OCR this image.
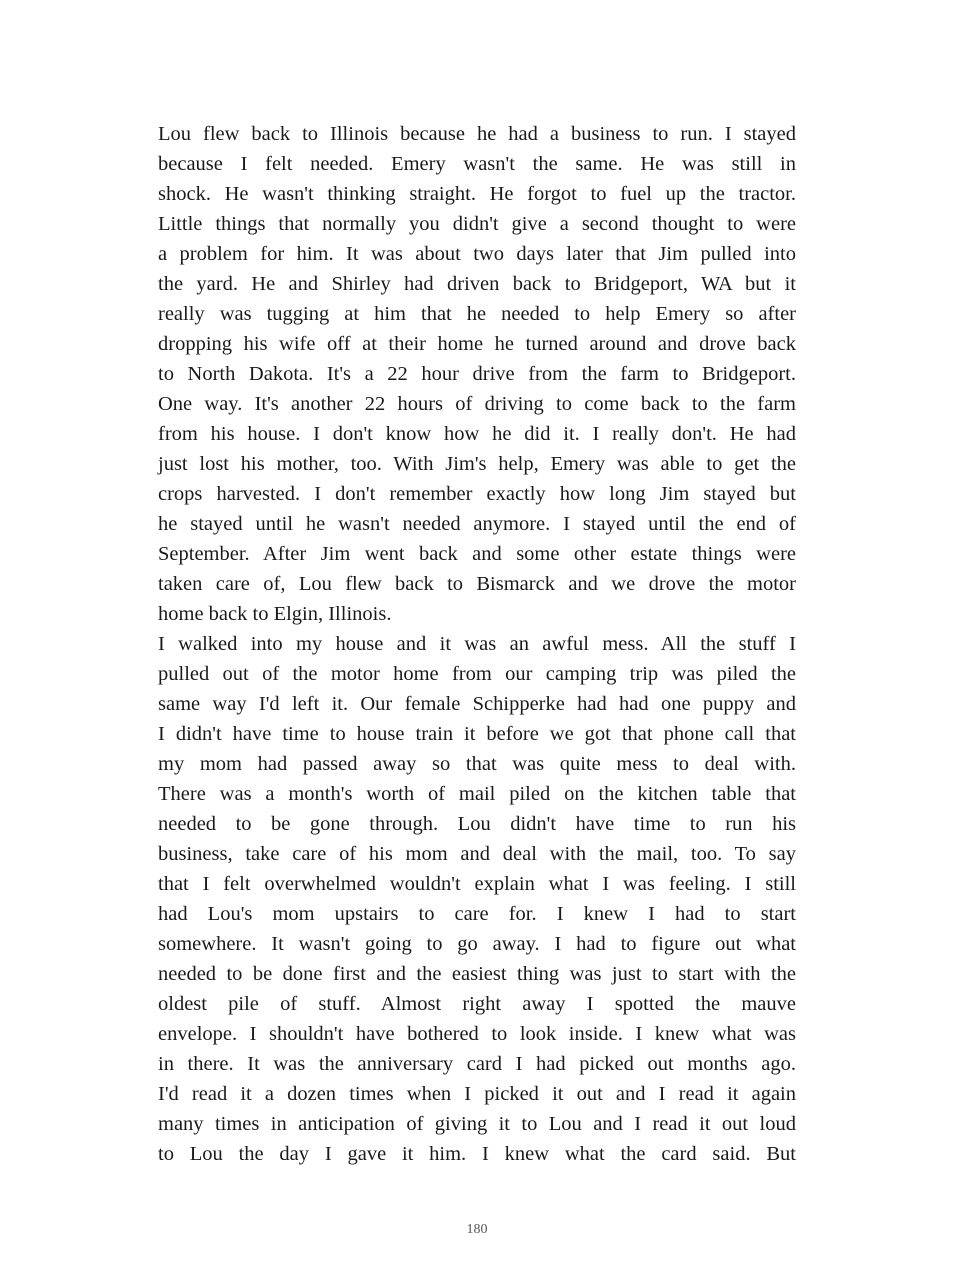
Lou flew back to Illinois because he had a business to run. I stayed
because I felt needed. Emery wasn't the same. He was still in
shock. He wasn't thinking straight. He forgot to fuel up the tractor.
Little things that normally you didn't give a second thought to were
a problem for him. It was about two days later that Jim pulled into
the yard. He and Shirley had driven back to Bridgeport, WA but it
really was tugging at him that he needed to help Emery so after
dropping his wife off at their home he turned around and drove back
to North Dakota. It's a 22 hour drive from the farm to Bridgeport.
One way. It's another 22 hours of driving to come back to the farm
from his house. I don't know how he did it. I really don't. He had
just lost his mother, too. With Jim's help, Emery was able to get the
crops harvested. I don't remember exactly how long Jim stayed but
he stayed until he wasn't needed anymore. I stayed until the end of
September. After Jim went back and some other estate things were
taken care of, Lou flew back to Bismarck and we drove the motor
home back to Elgin, Illinois.
I walked into my house and it was an awful mess. All the stuff I
pulled out of the motor home from our camping trip was piled the
same way I'd left it. Our female Schipperke had had one puppy and
I didn't have time to house train it before we got that phone call that
my mom had passed away so that was quite mess to deal with.
There was a month's worth of mail piled on the kitchen table that
needed to be gone through. Lou didn't have time to run his
business, take care of his mom and deal with the mail, too. To say
that I felt overwhelmed wouldn't explain what I was feeling. I still
had Lou's mom upstairs to care for. I knew I had to start
somewhere. It wasn't going to go away. I had to figure out what
needed to be done first and the easiest thing was just to start with the
oldest pile of stuff. Almost right away I spotted the mauve
envelope. I shouldn't have bothered to look inside. I knew what was
in there. It was the anniversary card I had picked out months ago.
I'd read it a dozen times when I picked it out and I read it again
many times in anticipation of giving it to Lou and I read it out loud
to Lou the day I gave it him. I knew what the card said. But
180
